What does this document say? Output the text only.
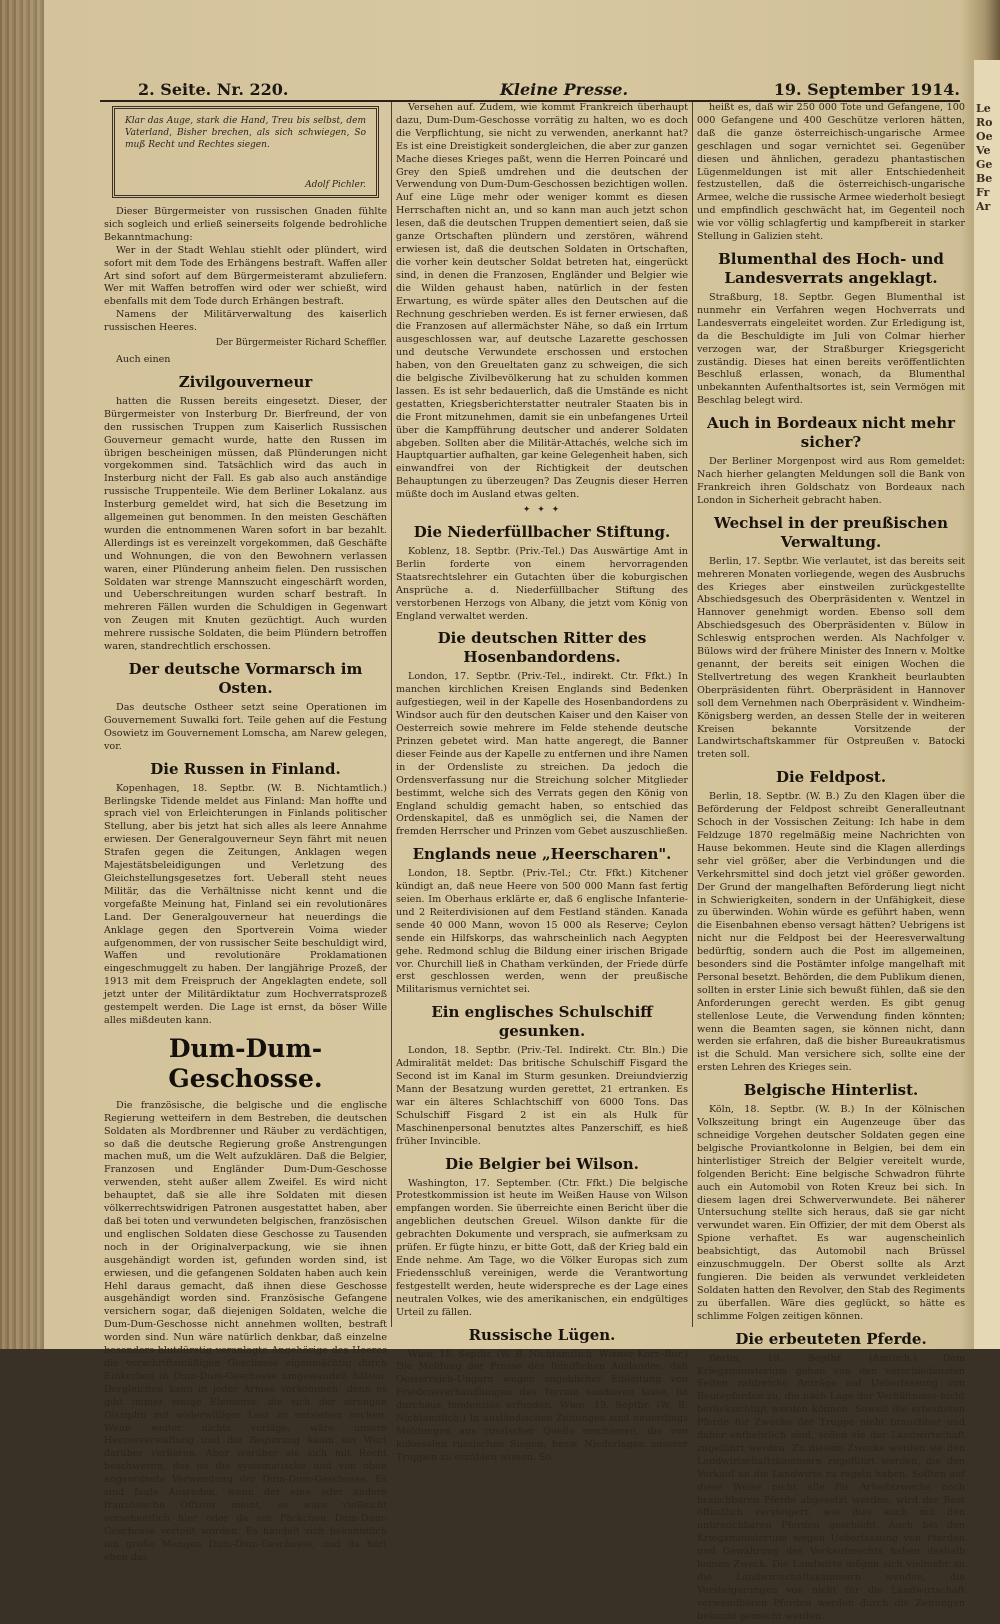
Le Ro Oe Ve Ge Be Fr Ar
2. Seite. Nr. 220.	Kleine Presse.	19. September 1914.
Klar das Auge, stark die Hand, Treu bis selbst, dem Vaterland, Bisher brechen, als sich schwiegen, So muß Recht und Rechtes siegen.
Adolf Pichler.

Dieser Bürgermeister von russischen Gnaden fühlte sich sogleich und erließ seinerseits folgende bedrohliche Bekanntmachung:

Wer in der Stadt Wehlau stiehlt oder plündert, wird sofort mit dem Tode des Erhängens bestraft. Waffen aller Art sind sofort auf dem Bürgermeisteramt abzuliefern. Wer mit Waffen betroffen wird oder wer schießt, wird ebenfalls mit dem Tode durch Erhängen bestraft.

Namens der Militärverwaltung des kaiserlich russischen Heeres.

Der Bürgermeister Richard Scheffler.

Auch einen

Zivilgouverneur

hatten die Russen bereits eingesetzt. Dieser, der Bürgermeister von Insterburg Dr. Bierfreund, der von den russischen Truppen zum Kaiserlich Russischen Gouverneur gemacht wurde, hatte den Russen im übrigen bescheinigen müssen, daß Plünderungen nicht vorgekommen sind. Tatsächlich wird das auch in Insterburg nicht der Fall. Es gab also auch anständige russische Truppenteile. Wie dem Berliner Lokalanz. aus Insterburg gemeldet wird, hat sich die Besetzung im allgemeinen gut benommen. In den meisten Geschäften wurden die entnommenen Waren sofort in bar bezahlt. Allerdings ist es vereinzelt vorgekommen, daß Geschäfte und Wohnungen, die von den Bewohnern verlassen waren, einer Plünderung anheim fielen. Den russischen Soldaten war strenge Mannszucht eingeschärft worden, und Ueberschreitungen wurden scharf bestraft. In mehreren Fällen wurden die Schuldigen in Gegenwart von Zeugen mit Knuten gezüchtigt. Auch wurden mehrere russische Soldaten, die beim Plündern betroffen waren, standrechtlich erschossen.

Der deutsche Vormarsch im Osten.

Das deutsche Ostheer setzt seine Operationen im Gouvernement Suwalki fort. Teile gehen auf die Festung Osowietz im Gouvernement Lomscha, am Narew gelegen, vor.

Die Russen in Finland.

Kopenhagen, 18. Septbr. (W. B. Nichtamtlich.) Berlingske Tidende meldet aus Finland: Man hoffte und sprach viel von Erleichterungen in Finlands politischer Stellung, aber bis jetzt hat sich alles als leere Annahme erwiesen. Der Generalgouverneur Seyn fährt mit neuen Strafen gegen die Zeitungen, Anklagen wegen Majestätsbeleidigungen und Verletzung des Gleichstellungsgesetzes fort. Ueberall steht neues Militär, das die Verhältnisse nicht kennt und die vorgefaßte Meinung hat, Finland sei ein revolutionäres Land. Der Generalgouverneur hat neuerdings die Anklage gegen den Sportverein Voima wieder aufgenommen, der von russischer Seite beschuldigt wird, Waffen und revolutionäre Proklamationen eingeschmuggelt zu haben. Der langjährige Prozeß, der 1913 mit dem Freispruch der Angeklagten endete, soll jetzt unter der Militärdiktatur zum Hochverratsprozeß gestempelt werden. Die Lage ist ernst, da böser Wille alles mißdeuten kann.

Dum-Dum-Geschosse.

Die französische, die belgische und die englische Regierung wetteifern in dem Bestreben, die deutschen Soldaten als Mordbrenner und Räuber zu verdächtigen, so daß die deutsche Regierung große Anstrengungen machen muß, um die Welt aufzuklären. Daß die Belgier, Franzosen und Engländer Dum-Dum-Geschosse verwenden, steht außer allem Zweifel. Es wird nicht behauptet, daß sie alle ihre Soldaten mit diesen völkerrechtswidrigen Patronen ausgestattet haben, aber daß bei toten und verwundeten belgischen, französischen und englischen Soldaten diese Geschosse zu Tausenden noch in der Originalverpackung, wie sie ihnen ausgehändigt worden ist, gefunden worden sind, ist erwiesen, und die gefangenen Soldaten haben auch kein Hehl daraus gemacht, daß ihnen diese Geschosse ausgehändigt worden sind. Französische Gefangene versichern sogar, daß diejenigen Soldaten, welche die Dum-Dum-Geschosse nicht annehmen wollten, bestraft worden sind. Nun wäre natürlich denkbar, daß einzelne besonders blutdürstig veranlagte Angehörige des Heeres die vorschriftsmäßigen Geschosse eigenmächtig durch Einkerben in Dum-Dum-Geschosse umgewandelt hätten. Dergleichen kann in jeder Armee vorkommen, denn es gibt immer einige Elemente, die sich der strengen Disziplin mit widerwilliger Lust zu entziehen suchen. Wenn weiter nichts vorläge, wäre unsere Heeresverwaltung und die Regierung kaum ein Wort darüber verlieren. Aber worüber sie sich mit Recht beschweren, das ist die systematische und von oben angeordnete Verwendung der Dum-Dum-Geschosse. Es sind faule Ausreden, wenn der eine oder andere französische Offizier meint, es wäre vielleicht versehentlich hier oder da ein Päckchen Dum-Dum-Geschosse verteilt worden. Es handelt sich bekanntlich um große Mengen Dum-Dum-Geschosse, und da hört eben das

Versehen auf. Zudem, wie kommt Frankreich überhaupt dazu, Dum-Dum-Geschosse vorrätig zu halten, wo es doch die Verpflichtung, sie nicht zu verwenden, anerkannt hat? Es ist eine Dreistigkeit sondergleichen, die aber zur ganzen Mache dieses Krieges paßt, wenn die Herren Poincaré und Grey den Spieß umdrehen und die deutschen der Verwendung von Dum-Dum-Geschossen bezichtigen wollen. Auf eine Lüge mehr oder weniger kommt es diesen Herrschaften nicht an, und so kann man auch jetzt schon lesen, daß die deutschen Truppen dementiert seien, daß sie ganze Ortschaften plündern und zerstören, während erwiesen ist, daß die deutschen Soldaten in Ortschaften, die vorher kein deutscher Soldat betreten hat, eingerückt sind, in denen die Franzosen, Engländer und Belgier wie die Wilden gehaust haben, natürlich in der festen Erwartung, es würde später alles den Deutschen auf die Rechnung geschrieben werden. Es ist ferner erwiesen, daß die Franzosen auf allermächster Nähe, so daß ein Irrtum ausgeschlossen war, auf deutsche Lazarette geschossen und deutsche Verwundete erschossen und erstochen haben, von den Greueltaten ganz zu schweigen, die sich die belgische Zivilbevölkerung hat zu schulden kommen lassen. Es ist sehr bedauerlich, daß die Umstände es nicht gestatten, Kriegsberichterstatter neutraler Staaten bis in die Front mitzunehmen, damit sie ein unbefangenes Urteil über die Kampfführung deutscher und anderer Soldaten abgeben. Sollten aber die Militär-Attachés, welche sich im Hauptquartier aufhalten, gar keine Gelegenheit haben, sich einwandfrei von der Richtigkeit der deutschen Behauptungen zu überzeugen? Das Zeugnis dieser Herren müßte doch im Ausland etwas gelten.

✦ ✦ ✦
Die Niederfüllbacher Stiftung.

Koblenz, 18. Septbr. (Priv.-Tel.) Das Auswärtige Amt in Berlin forderte von einem hervorragenden Staatsrechtslehrer ein Gutachten über die koburgischen Ansprüche a. d. Niederfüllbacher Stiftung des verstorbenen Herzogs von Albany, die jetzt vom König von England verwaltet werden.

Die deutschen Ritter des Hosenbandordens.

London, 17. Septbr. (Priv.-Tel., indirekt. Ctr. Ffkt.) In manchen kirchlichen Kreisen Englands sind Bedenken aufgestiegen, weil in der Kapelle des Hosenbandordens zu Windsor auch für den deutschen Kaiser und den Kaiser von Oesterreich sowie mehrere im Felde stehende deutsche Prinzen gebetet wird. Man hatte angeregt, die Banner dieser Feinde aus der Kapelle zu entfernen und ihre Namen in der Ordensliste zu streichen. Da jedoch die Ordensverfassung nur die Streichung solcher Mitglieder bestimmt, welche sich des Verrats gegen den König von England schuldig gemacht haben, so entschied das Ordenskapitel, daß es unmöglich sei, die Namen der fremden Herrscher und Prinzen vom Gebet auszuschließen.

Englands neue „Heerscharen".

London, 18. Septbr. (Priv.-Tel.; Ctr. Ffkt.) Kitchener kündigt an, daß neue Heere von 500 000 Mann fast fertig seien. Im Oberhaus erklärte er, daß 6 englische Infanterie- und 2 Reiterdivisionen auf dem Festland ständen. Kanada sende 40 000 Mann, wovon 15 000 als Reserve; Ceylon sende ein Hilfskorps, das wahrscheinlich nach Aegypten gehe. Redmond schlug die Bildung einer irischen Brigade vor. Churchill ließ in Chatham verkünden, der Friede dürfe erst geschlossen werden, wenn der preußische Militarismus vernichtet sei.

Ein englisches Schulschiff gesunken.

London, 18. Septbr. (Priv.-Tel. Indirekt. Ctr. Bln.) Die Admiralität meldet: Das britische Schulschiff Fisgard the Second ist im Kanal im Sturm gesunken. Dreiundvierzig Mann der Besatzung wurden gerettet, 21 ertranken. Es war ein älteres Schlachtschiff von 6000 Tons. Das Schulschiff Fisgard 2 ist ein als Hulk für Maschinenpersonal benutztes altes Panzerschiff, es hieß früher Invincible.

Die Belgier bei Wilson.

Washington, 17. September. (Ctr. Ffkt.) Die belgische Protestkommission ist heute im Weißen Hause von Wilson empfangen worden. Sie überreichte einen Bericht über die angeblichen deutschen Greuel. Wilson dankte für die gebrachten Dokumente und versprach, sie aufmerksam zu prüfen. Er fügte hinzu, er bitte Gott, daß der Krieg bald ein Ende nehme. Am Tage, wo die Völker Europas sich zum Friedensschluß vereinigen, werde die Verantwortung festgestellt werden, heute widerspreche es der Lage eines neutralen Volkes, wie des amerikanischen, ein endgültiges Urteil zu fällen.

Russische Lügen.

Wien, 18. Septbr. (W. B. Nichtamtlich. Wiener Korr.-Bur.) Die Meldung der Presse des feindlichen Auslandes, daß Oesterreich-Ungarn wegen angeblicher Einleitung von Friedensverhandlungen das Terrain sondieren lasse, ist durchaus tendenziös erfunden. Wien, 19. Septbr. (W. B. Nichtamtlich.) In ausländischen Zeitungen sind neuerdings Meldungen aus russischer Quelle erschienen, die von kolossalen russischen Siegen, bezw. Niederlagen unserer Truppen zu erzählen wissen. So

heißt es, daß wir 250 000 Tote und Gefangene, 100 000 Gefangene und 400 Geschütze verloren hätten, daß die ganze österreichisch-ungarische Armee geschlagen und sogar vernichtet sei. Gegenüber diesen und ähnlichen, geradezu phantastischen Lügenmeldungen ist mit aller Entschiedenheit festzustellen, daß die österreichisch-ungarische Armee, welche die russische Armee wiederholt besiegt und empfindlich geschwächt hat, im Gegenteil noch wie vor völlig schlagfertig und kampfbereit in starker Stellung in Galizien steht.

Blumenthal des Hoch- und Landesverrats angeklagt.

Straßburg, 18. Septbr. Gegen Blumenthal ist nunmehr ein Verfahren wegen Hochverrats und Landesverrats eingeleitet worden. Zur Erledigung ist, da die Beschuldigte im Juli von Colmar hierher verzogen war, der Straßburger Kriegsgericht zuständig. Dieses hat einen bereits veröffentlichten Beschluß erlassen, wonach, da Blumenthal unbekannten Aufenthaltsortes ist, sein Vermögen mit Beschlag belegt wird.

Auch in Bordeaux nicht mehr sicher?

Der Berliner Morgenpost wird aus Rom gemeldet: Nach hierher gelangten Meldungen soll die Bank von Frankreich ihren Goldschatz von Bordeaux nach London in Sicherheit gebracht haben.

Wechsel in der preußischen Verwaltung.

Berlin, 17. Septbr. Wie verlautet, ist das bereits seit mehreren Monaten vorliegende, wegen des Ausbruchs des Krieges aber einstweilen zurückgestellte Abschiedsgesuch des Oberpräsidenten v. Wentzel in Hannover genehmigt worden. Ebenso soll dem Abschiedsgesuch des Oberpräsidenten v. Bülow in Schleswig entsprochen werden. Als Nachfolger v. Bülows wird der frühere Minister des Innern v. Moltke genannt, der bereits seit einigen Wochen die Stellvertretung des wegen Krankheit beurlaubten Oberpräsidenten führt. Oberpräsident in Hannover soll dem Vernehmen nach Oberpräsident v. Windheim-Königsberg werden, an dessen Stelle der in weiteren Kreisen bekannte Vorsitzende der Landwirtschaftskammer für Ostpreußen v. Batocki treten soll.

Die Feldpost.

Berlin, 18. Septbr. (W. B.) Zu den Klagen über die Beförderung der Feldpost schreibt Generalleutnant Schoch in der Vossischen Zeitung: Ich habe in dem Feldzuge 1870 regelmäßig meine Nachrichten von Hause bekommen. Heute sind die Klagen allerdings sehr viel größer, aber die Verbindungen und die Verkehrsmittel sind doch jetzt viel größer geworden. Der Grund der mangelhaften Beförderung liegt nicht in Schwierigkeiten, sondern in der Unfähigkeit, diese zu überwinden. Wohin würde es geführt haben, wenn die Eisenbahnen ebenso versagt hätten? Uebrigens ist nicht nur die Feldpost bei der Heeresverwaltung bedürftig, sondern auch die Post im allgemeinen, besonders sind die Postämter infolge mangelhaft mit Personal besetzt. Behörden, die dem Publikum dienen, sollten in erster Linie sich bewußt fühlen, daß sie den Anforderungen gerecht werden. Es gibt genug stellenlose Leute, die Verwendung finden könnten; wenn die Beamten sagen, sie können nicht, dann werden sie erfahren, daß die bisher Bureaukratismus ist die Schuld. Man versichere sich, sollte eine der ersten Lehren des Krieges sein.

Belgische Hinterlist.

Köln, 18. Septbr. (W. B.) In der Kölnischen Volkszeitung bringt ein Augenzeuge über das schneidige Vorgehen deutscher Soldaten gegen eine belgische Proviantkolonne in Belgien, bei dem ein hinterlistiger Streich der Belgier vereitelt wurde, folgenden Bericht: Eine belgische Schwadron führte auch ein Automobil von Roten Kreuz bei sich. In diesem lagen drei Schwerverwundete. Bei näherer Untersuchung stellte sich heraus, daß sie gar nicht verwundet waren. Ein Offizier, der mit dem Oberst als Spione verhaftet. Es war augenscheinlich beabsichtigt, das Automobil nach Brüssel einzuschmuggeln. Der Oberst sollte als Arzt fungieren. Die beiden als verwundet verkleideten Soldaten hatten den Revolver, den Stab des Regiments zu überfallen. Wäre dies geglückt, so hätte es schlimme Folgen zeitigen können.

Die erbeuteten Pferde.

Berlin, 19. Septbr. (Amtlich.) Dem Kriegsministerium gehen von den verschiedensten Seiten zahlreiche Anträge auf Ueberlassung von Beutepferden zu, die nach Lage der Verhältnisse nicht berücksichtigt werden können. Soweit die erbeuteten Pferde für Zwecke der Truppe nicht brauchbar und daher entbehrlich sind, sollen sie der Landwirtschaft zugeführt werden. Zu diesem Zwecke werden sie den Landwirtschaftskammern zugeführt werden, die den Verkauf an die Landwirte zu regeln haben. Sollten auf diese Weise nicht alle für Arbeitszwecke noch brauchbaren Pferde abgesetzt werden, wird der Rest öffentlich versteigert, wie dies auch mit den unbrauchbaren Pferden geschieht. Auch bei den Kriegsministerium wegen Ueberlassung von Pferden und Gewährung des Vorkaufsrechts haben deshalb keinen Zweck. Die Landwirte mögen sich vielmehr an die Landwirtschaftskammern wenden, die Versteigerungen von nicht für die Landwirtschaft verwendbaren Pferden werden durch die Zeitungen bekannt gemacht werden.
